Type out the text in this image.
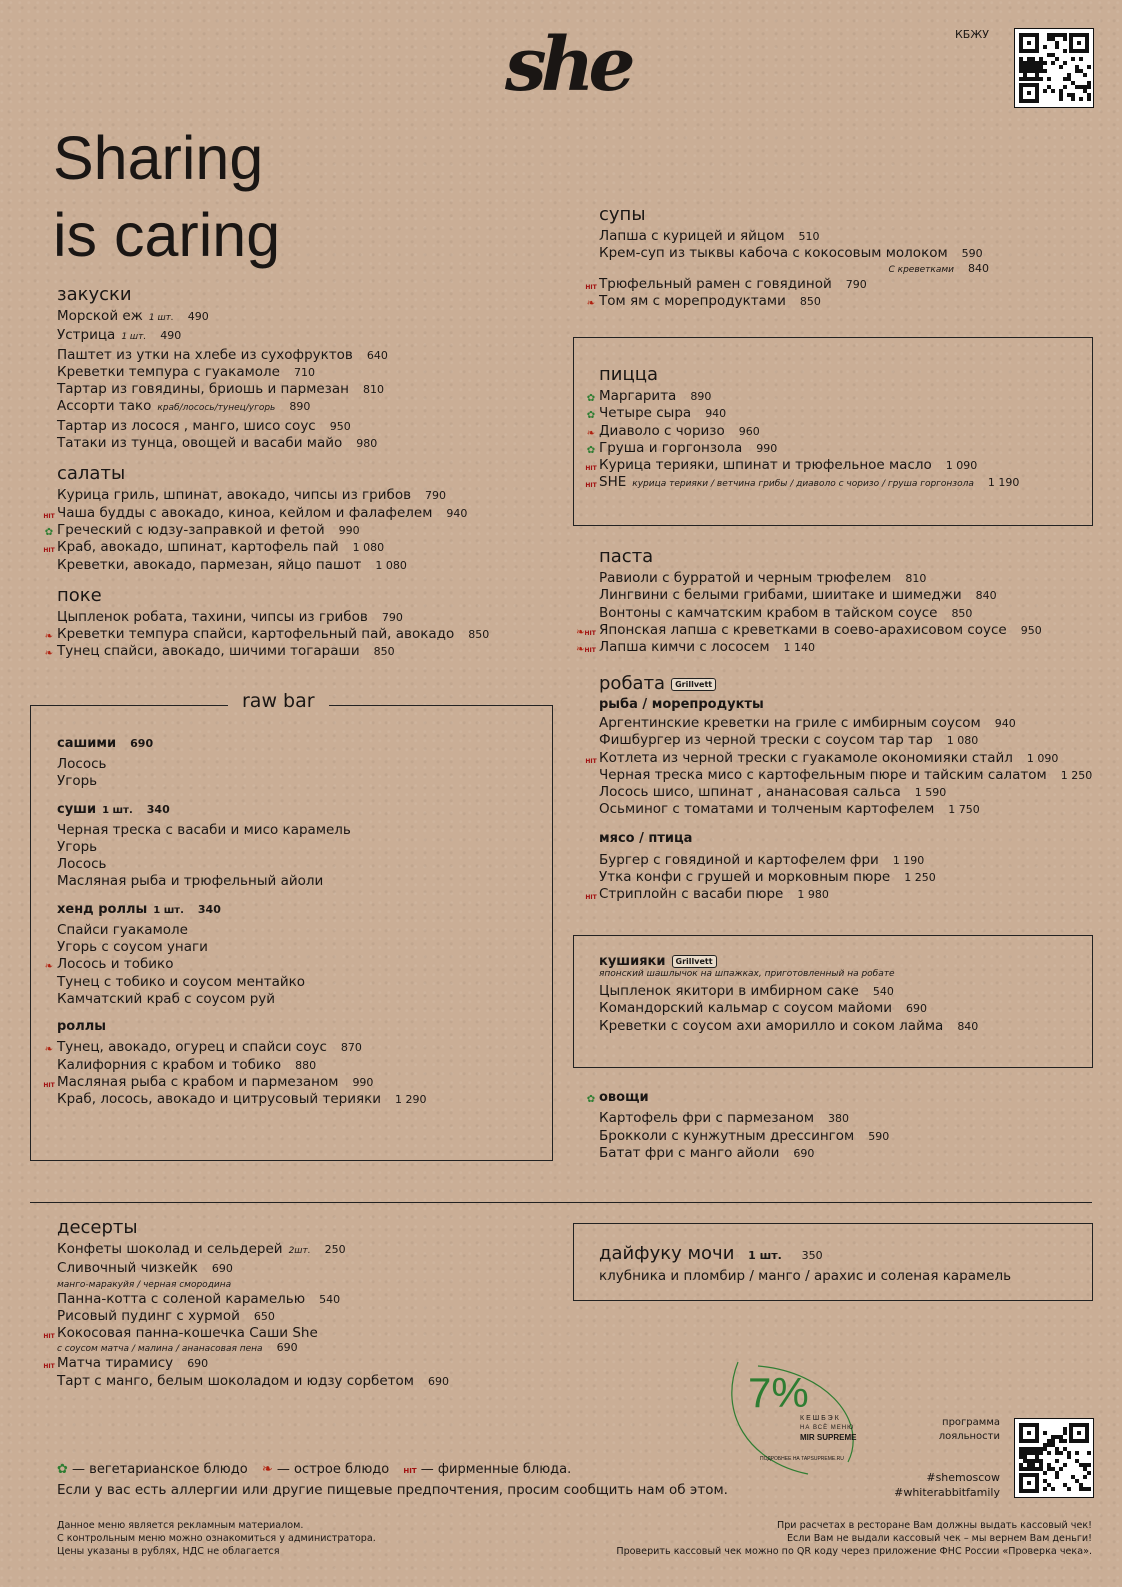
she	КБЖУ
Sharing
is caring
закуски
Морской еж 1 шт. 490
Устрица 1 шт. 490
Паштет из утки на хлебе из сухофруктов 640
Креветки темпура с гуакамоле 710
Тартар из говядины, бриошь и пармезан 810
Ассорти тако краб/лосось/тунец/угорь 890
Тартар из лосося , манго, шисо соус 950
Татаки из тунца, овощей и васаби майо 980
салаты
Курица гриль, шпинат, авокадо, чипсы из грибов 790
HIT Чаша будды с авокадо, киноа, кейлом и фалафелем 940
✿ Греческий с юдзу-заправкой и фетой 990
HIT Краб, авокадо, шпинат, картофель пай 1 080
Креветки, авокадо, пармезан, яйцо пашот 1 080
поке
Цыпленок робата, тахини, чипсы из грибов 790
❧ Креветки темпура спайси, картофельный пай, авокадо 850
❧ Тунец спайси, авокадо, шичими тогараши 850
raw bar
сашими 690
Лосось
Угорь
суши 1 шт. 340
Черная треска с васаби и мисо карамель
Угорь
Лосось
Масляная рыба и трюфельный айоли
хенд роллы 1 шт. 340
Спайси гуакамоле
Угорь с соусом унаги
❧ Лосось и тобико
Тунец с тобико и соусом ментайко
Камчатский краб с соусом руй
роллы
❧ Тунец, авокадо, огурец и спайси соус 870
Калифорния с крабом и тобико 880
HIT Масляная рыба с крабом и пармезаном 990
Краб, лосось, авокадо и цитрусовый терияки 1 290
супы
Лапша с курицей и яйцом 510
Крем-суп из тыквы кабоча с кокосовым молоком 590
С креветками 840
HIT Трюфельный рамен с говядиной 790
❧ Том ям с морепродуктами 850
пицца
✿ Маргарита 890
✿ Четыре сыра 940
❧ Диаволо с чоризо 960
✿ Груша и горгонзола 990
HIT Курица терияки, шпинат и трюфельное масло 1 090
HIT SHE курица терияки / ветчина грибы / диаволо с чоризо / груша горгонзола 1 190
паста
Равиоли с бурратой и черным трюфелем 810
Лингвини с белыми грибами, шиитаке и шимеджи 840
Вонтоны с камчатским крабом в тайском соусе 850
❧HIT Японская лапша с креветками в соево-арахисовом соусе 950
❧HIT Лапша кимчи с лососем 1 140
робата Grillvett
рыба / морепродукты
Аргентинские креветки на гриле с имбирным соусом 940
Фишбургер из черной трески с соусом тар тар 1 080
HIT Котлета из черной трески с гуакамоле окономияки стайл 1 090
Черная треска мисо с картофельным пюре и тайским салатом 1 250
Лосось шисо, шпинат , ананасовая сальса 1 590
Осьминог с томатами и толченым картофелем 1 750
мясо / птица
Бургер с говядиной и картофелем фри 1 190
Утка конфи с грушей и морковным пюре 1 250
HIT Стриплойн с васаби пюре 1 980
кушияки Grillvett
японский шашлычок на шпажках, приготовленный на робате
Цыпленок якитори в имбирном саке 540
Командорский кальмар с соусом майоми 690
Креветки с соусом ахи аморилло и соком лайма 840
✿ овощи
Картофель фри с пармезаном 380
Брокколи с кунжутным дрессингом 590
Батат фри с манго айоли 690
десерты
Конфеты шоколад и сельдерей 2шт. 250
Сливочный чизкейк 690
манго-маракуйя / черная смородина
Панна-котта с соленой карамелью 540
Рисовый пудинг с хурмой 650
HIT Кокосовая панна-кошечка Саши She
с соусом матча / малина / ананасовая пена 690
HIT Матча тирамису 690
Тарт с манго, белым шоколадом и юдзу сорбетом 690
дайфуку мочи 1 шт. 350
клубника и пломбир / манго / арахис и соленая карамель
7%
КЕШБЭК
НА ВСЁ МЕНЮ
MIR SUPREME
ПОДРОБНЕЕ НА TAPSUPREME.RU
программа лояльности
#shemoscow
#whiterabbitfamily
✿ — вегетарианское блюдо ❧ — острое блюдо HIT — фирменные блюда.
Если у вас есть аллергии или другие пищевые предпочтения, просим сообщить нам об этом.
Данное меню является рекламным материалом.
С контрольным меню можно ознакомиться у администратора.
Цены указаны в рублях, НДС не облагается
При расчетах в ресторане Вам должны выдать кассовый чек!
Если Вам не выдали кассовый чек – мы вернем Вам деньги!
Проверить кассовый чек можно по QR коду через приложение ФНС России «Проверка чека».
